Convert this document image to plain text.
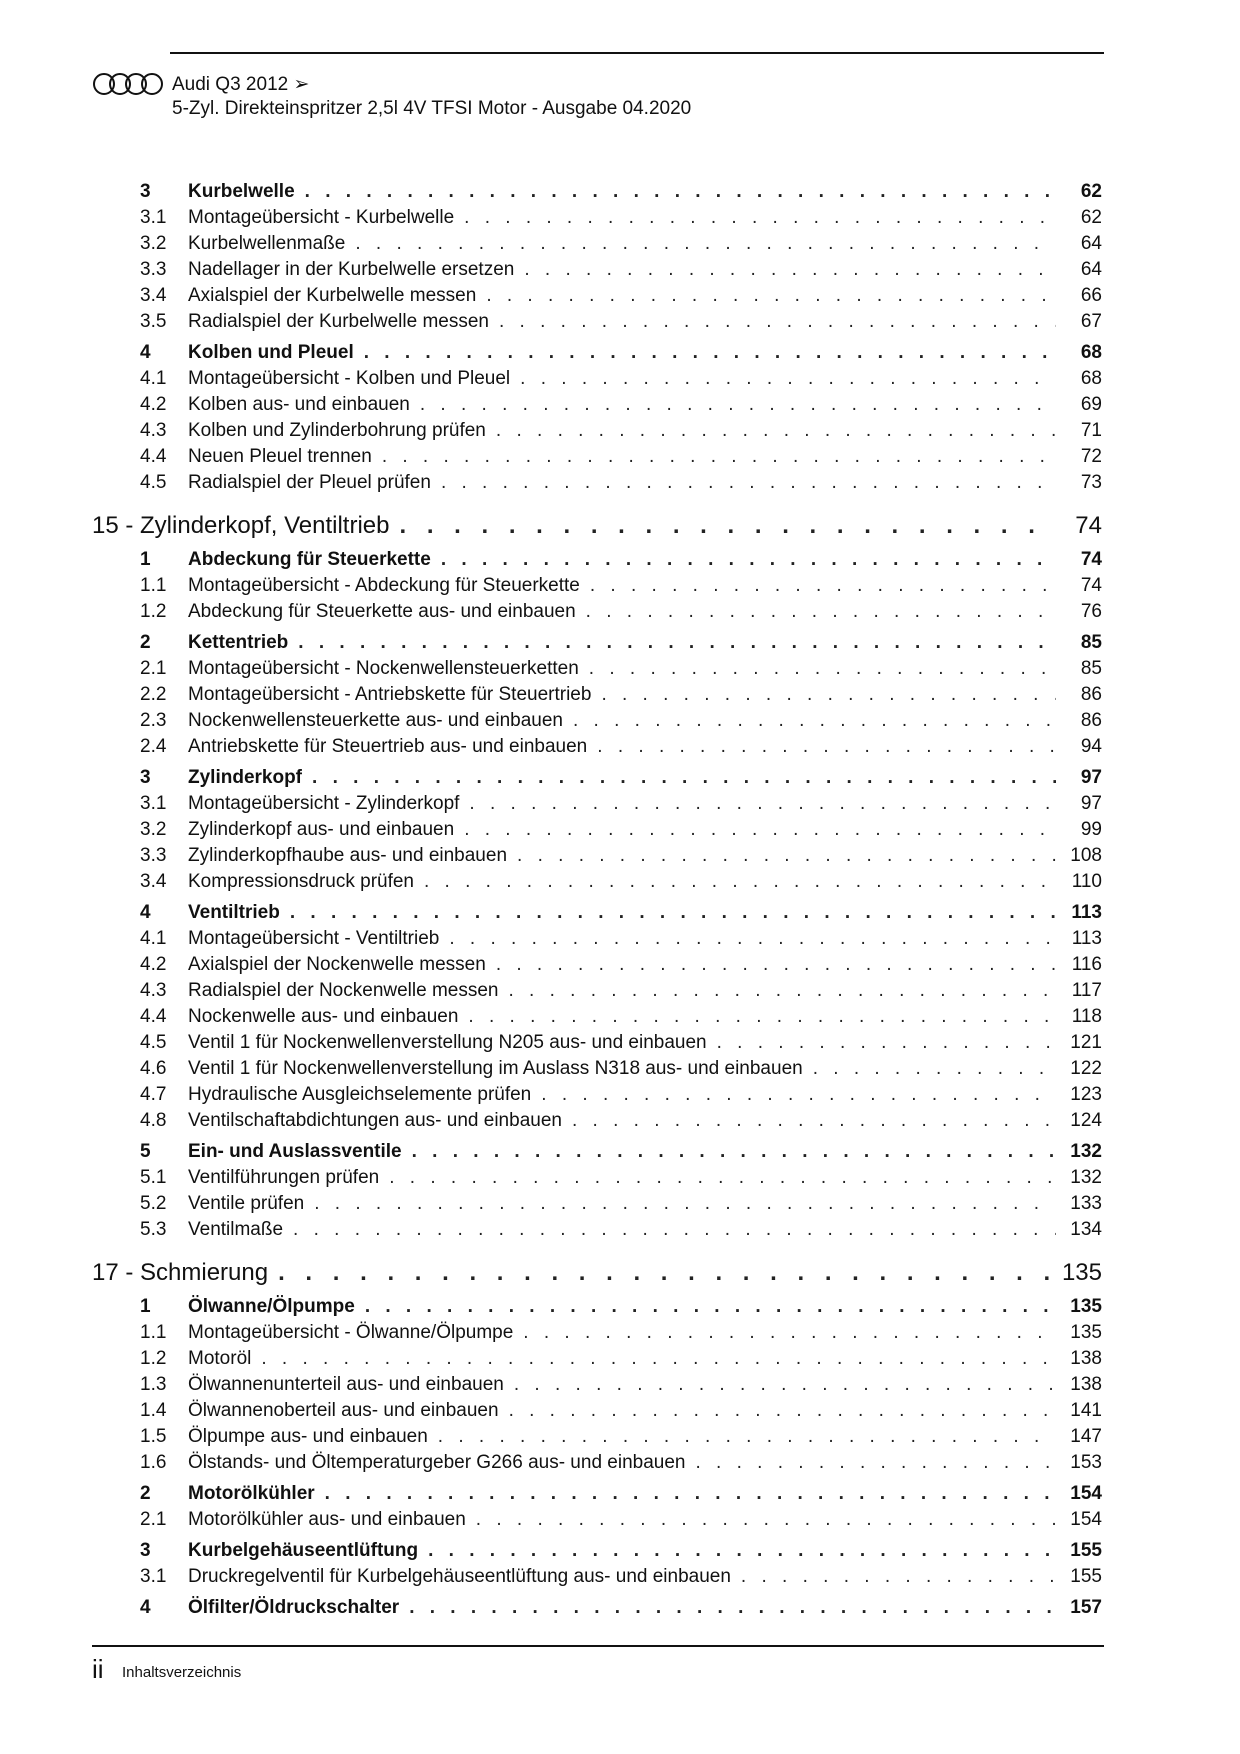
Audi Q3 2012 ➢
5-Zyl. Direkteinspritzer 2,5l 4V TFSI Motor - Ausgabe 04.2020
3	Kurbelwelle . . .	62
3.1	Montageübersicht - Kurbelwelle . . .	62
3.2	Kurbelwellenmaße . . .	64
3.3	Nadellager in der Kurbelwelle ersetzen . . .	64
3.4	Axialspiel der Kurbelwelle messen . . .	66
3.5	Radialspiel der Kurbelwelle messen . . .	67
4	Kolben und Pleuel . . .	68
4.1	Montageübersicht - Kolben und Pleuel . . .	68
4.2	Kolben aus- und einbauen . . .	69
4.3	Kolben und Zylinderbohrung prüfen . . .	71
4.4	Neuen Pleuel trennen . . .	72
4.5	Radialspiel der Pleuel prüfen . . .	73
15 - Zylinderkopf, Ventiltrieb . . .	74
1	Abdeckung für Steuerkette . . .	74
1.1	Montageübersicht - Abdeckung für Steuerkette . . .	74
1.2	Abdeckung für Steuerkette aus- und einbauen . . .	76
2	Kettentrieb . . .	85
2.1	Montageübersicht - Nockenwellensteuerketten . . .	85
2.2	Montageübersicht - Antriebskette für Steuertrieb . . .	86
2.3	Nockenwellensteuerkette aus- und einbauen . . .	86
2.4	Antriebskette für Steuertrieb aus- und einbauen . . .	94
3	Zylinderkopf . . .	97
3.1	Montageübersicht - Zylinderkopf . . .	97
3.2	Zylinderkopf aus- und einbauen . . .	99
3.3	Zylinderkopfhaube aus- und einbauen . . .	108
3.4	Kompressionsdruck prüfen . . .	110
4	Ventiltrieb . . .	113
4.1	Montageübersicht - Ventiltrieb . . .	113
4.2	Axialspiel der Nockenwelle messen . . .	116
4.3	Radialspiel der Nockenwelle messen . . .	117
4.4	Nockenwelle aus- und einbauen . . .	118
4.5	Ventil 1 für Nockenwellenverstellung N205 aus- und einbauen . . .	121
4.6	Ventil 1 für Nockenwellenverstellung im Auslass N318 aus- und einbauen . . .	122
4.7	Hydraulische Ausgleichselemente prüfen . . .	123
4.8	Ventilschaftabdichtungen aus- und einbauen . . .	124
5	Ein- und Auslassventile . . .	132
5.1	Ventilführungen prüfen . . .	132
5.2	Ventile prüfen . . .	133
5.3	Ventilmaße . . .	134
17 - Schmierung . . .	135
1	Ölwanne/Ölpumpe . . .	135
1.1	Montageübersicht - Ölwanne/Ölpumpe . . .	135
1.2	Motoröl . . .	138
1.3	Ölwannenunterteil aus- und einbauen . . .	138
1.4	Ölwannenoberteil aus- und einbauen . . .	141
1.5	Ölpumpe aus- und einbauen . . .	147
1.6	Ölstands- und Öltemperaturgeber G266 aus- und einbauen . . .	153
2	Motorölkühler . . .	154
2.1	Motorölkühler aus- und einbauen . . .	154
3	Kurbelgehäuseentlüftung . . .	155
3.1	Druckregelventil für Kurbelgehäuseentlüftung aus- und einbauen . . .	155
4	Ölfilter/Öldruckschalter . . .	157
ii Inhaltsverzeichnis
